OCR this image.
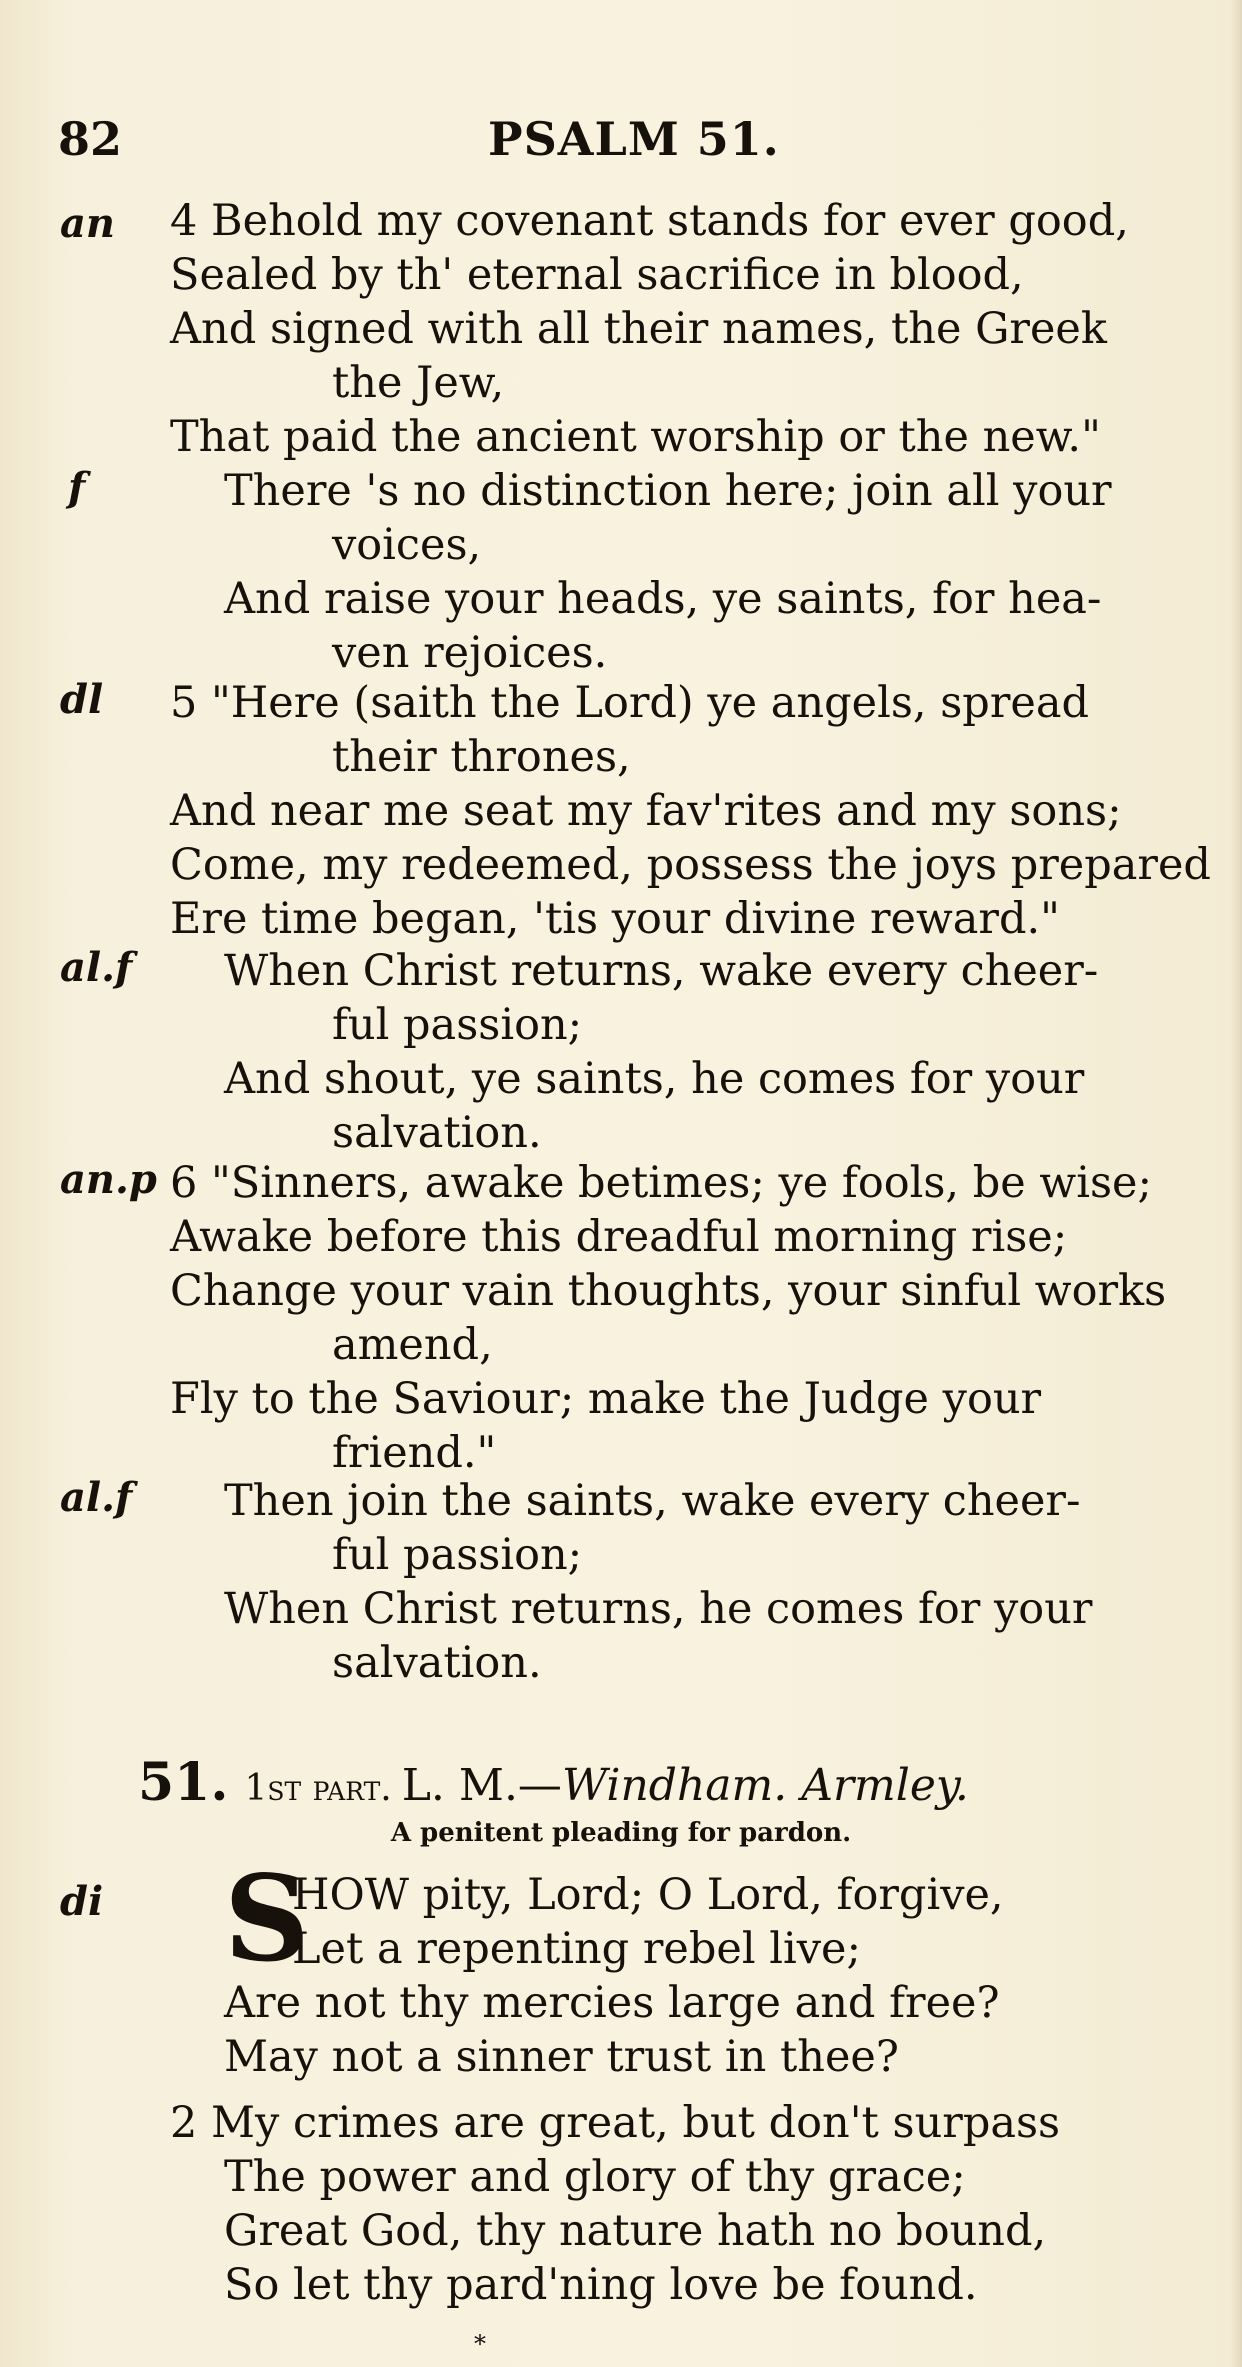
82	PSALM 51.
an
f
dl
al.f
an.p
al.f
di
4 Behold my covenant stands for ever good,
Sealed by th' eternal sacrifice in blood,
And signed with all their names, the Greek
the Jew,
That paid the ancient worship or the new."
There 's no distinction here; join all your
voices,
And raise your heads, ye saints, for hea-
ven rejoices.
5 "Here (saith the Lord) ye angels, spread
their thrones,
And near me seat my fav'rites and my sons;
Come, my redeemed, possess the joys prepared
Ere time began, 'tis your divine reward."
When Christ returns, wake every cheer-
ful passion;
And shout, ye saints, he comes for your
salvation.
6 "Sinners, awake betimes; ye fools, be wise;
Awake before this dreadful morning rise;
Change your vain thoughts, your sinful works
amend,
Fly to the Saviour; make the Judge your
friend."
Then join the saints, wake every cheer-
ful passion;
When Christ returns, he comes for your
salvation.
51. 1st part. L. M.—Windham. Armley.
A penitent pleading for pardon.
S
HOW pity, Lord; O Lord, forgive,
Let a repenting rebel live;
Are not thy mercies large and free?
May not a sinner trust in thee?
2 My crimes are great, but don't surpass
The power and glory of thy grace;
Great God, thy nature hath no bound,
So let thy pard'ning love be found.
*
